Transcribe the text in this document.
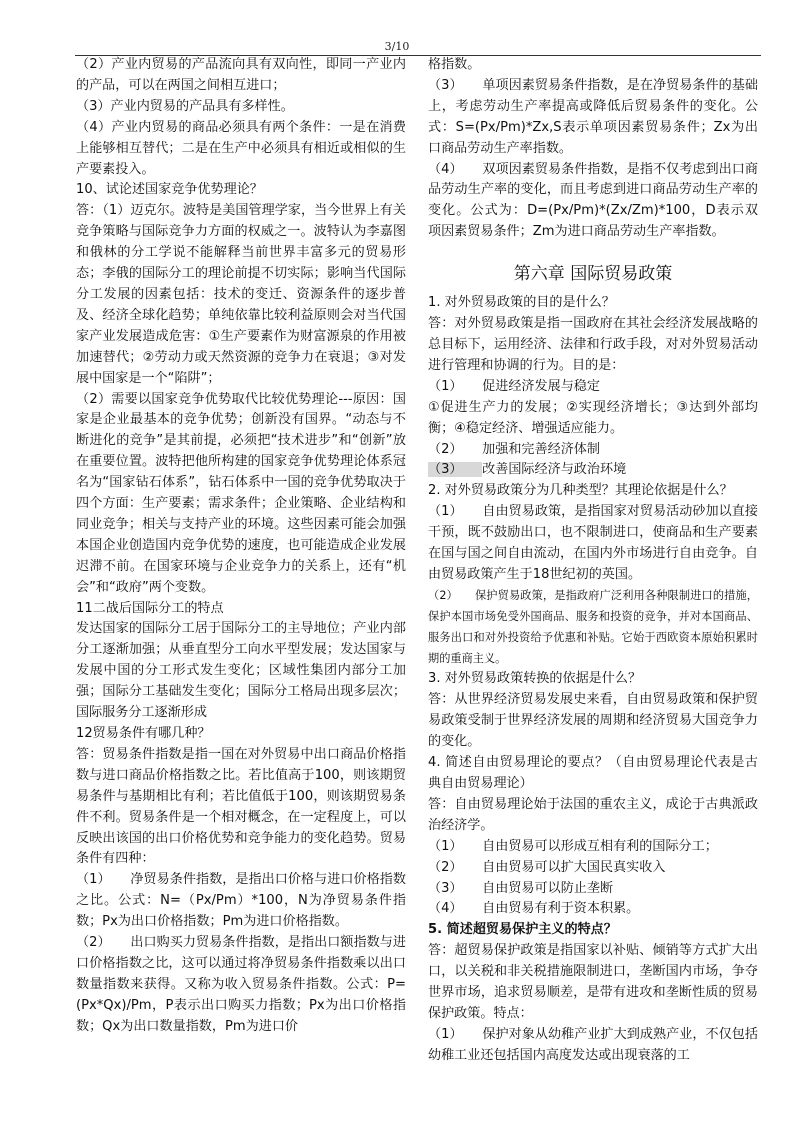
3/10

（2）产业内贸易的产品流向具有双向性，即同一产业内的产品，可以在两国之间相互进口；

（3）产业内贸易的产品具有多样性。

（4）产业内贸易的商品必须具有两个条件：一是在消费上能够相互替代；二是在生产中必须具有相近或相似的生产要素投入。

10、试论述国家竞争优势理论？

答：（1）迈克尔。波特是美国管理学家，当今世界上有关竞争策略与国际竞争力方面的权威之一。波特认为李嘉图和俄林的分工学说不能解释当前世界丰富多元的贸易形态；李俄的国际分工的理论前提不切实际；影响当代国际分工发展的因素包括：技术的变迁、资源条件的逐步普及、经济全球化趋势；单纯依靠比较利益原则会对当代国家产业发展造成危害：①生产要素作为财富源泉的作用被加速替代；②劳动力或天然资源的竞争力在衰退；③对发展中国家是一个“陷阱”；

（2）需要以国家竞争优势取代比较优势理论---原因：国家是企业最基本的竞争优势；创新没有国界。“动态与不断进化的竞争”是其前提，必须把“技术进步”和“创新”放在重要位置。波特把他所构建的国家竞争优势理论体系冠名为“国家钻石体系”，钻石体系中一国的竞争优势取决于四个方面：生产要素；需求条件；企业策略、企业结构和同业竞争；相关与支持产业的环境。这些因素可能会加强本国企业创造国内竞争优势的速度，也可能造成企业发展迟滞不前。在国家环境与企业竞争力的关系上，还有“机会”和“政府”两个变数。

11二战后国际分工的特点

发达国家的国际分工居于国际分工的主导地位；产业内部分工逐渐加强；从垂直型分工向水平型发展；发达国家与发展中国的分工形式发生变化；区域性集团内部分工加强；国际分工基础发生变化；国际分工格局出现多层次；国际服务分工逐渐形成

12贸易条件有哪几种？

答：贸易条件指数是指一国在对外贸易中出口商品价格指数与进口商品价格指数之比。若比值高于100，则该期贸易条件与基期相比有利；若比值低于100，则该期贸易条件不利。贸易条件是一个相对概念，在一定程度上，可以反映出该国的出口价格优势和竞争能力的变化趋势。贸易条件有四种：

（1）　　净贸易条件指数，是指出口价格与进口价格指数之比。公式：N=（Px/Pm）*100，N为净贸易条件指数；Px为出口价格指数；Pm为进口价格指数。

（2）　　出口购买力贸易条件指数，是指出口额指数与进口价格指数之比，这可以通过将净贸易条件指数乘以出口数量指数来获得。又称为收入贸易条件指数。公式：P=(Px*Qx)/Pm，P表示出口购买力指数；Px为出口价格指数；Qx为出口数量指数，Pm为进口价

格指数。

（3）　　单项因素贸易条件指数，是在净贸易条件的基础上，考虑劳动生产率提高或降低后贸易条件的变化。公式：S=(Px/Pm)*Zx,S表示单项因素贸易条件；Zx为出口商品劳动生产率指数。

（4）　　双项因素贸易条件指数，是指不仅考虑到出口商品劳动生产率的变化，而且考虑到进口商品劳动生产率的变化。公式为：D=(Px/Pm)*(Zx/Zm)*100，D表示双项因素贸易条件；Zm为进口商品劳动生产率指数。

第六章 国际贸易政策

1. 对外贸易政策的目的是什么？

答：对外贸易政策是指一国政府在其社会经济发展战略的总目标下，运用经济、法律和行政手段，对对外贸易活动进行管理和协调的行为。目的是：

（1）　　促进经济发展与稳定

①促进生产力的发展；②实现经济增长；③达到外部均衡；④稳定经济、增强适应能力。

（2）　　加强和完善经济体制

（3）　　改善国际经济与政治环境

2. 对外贸易政策分为几种类型？其理论依据是什么？

（1）　　自由贸易政策，是指国家对贸易活动砂加以直接干预，既不鼓励出口，也不限制进口，使商品和生产要素在国与国之间自由流动，在国内外市场进行自由竞争。自由贸易政策产生于18世纪初的英国。

（2）　　保护贸易政策，是指政府广泛利用各种限制进口的措施，保护本国市场免受外国商品、服务和投资的竞争，并对本国商品、服务出口和对外投资给予优惠和补贴。它始于西欧资本原始积累时期的重商主义。

3. 对外贸易政策转换的依据是什么？

答：从世界经济贸易发展史来看，自由贸易政策和保护贸易政策受制于世界经济发展的周期和经济贸易大国竞争力的变化。

4. 简述自由贸易理论的要点？（自由贸易理论代表是古典自由贸易理论）

答：自由贸易理论始于法国的重农主义，成论于古典派政治经济学。

（1）　　自由贸易可以形成互相有利的国际分工；

（2）　　自由贸易可以扩大国民真实收入

（3）　　自由贸易可以防止垄断

（4）　　自由贸易有利于资本积累。

5. 简述超贸易保护主义的特点？

答：超贸易保护政策是指国家以补贴、倾销等方式扩大出口，以关税和非关税措施限制进口，垄断国内市场，争夺世界市场，追求贸易顺差，是带有进攻和垄断性质的贸易保护政策。特点：

（1）　　保护对象从幼稚产业扩大到成熟产业，不仅包括幼稚工业还包括国内高度发达或出现衰落的工
